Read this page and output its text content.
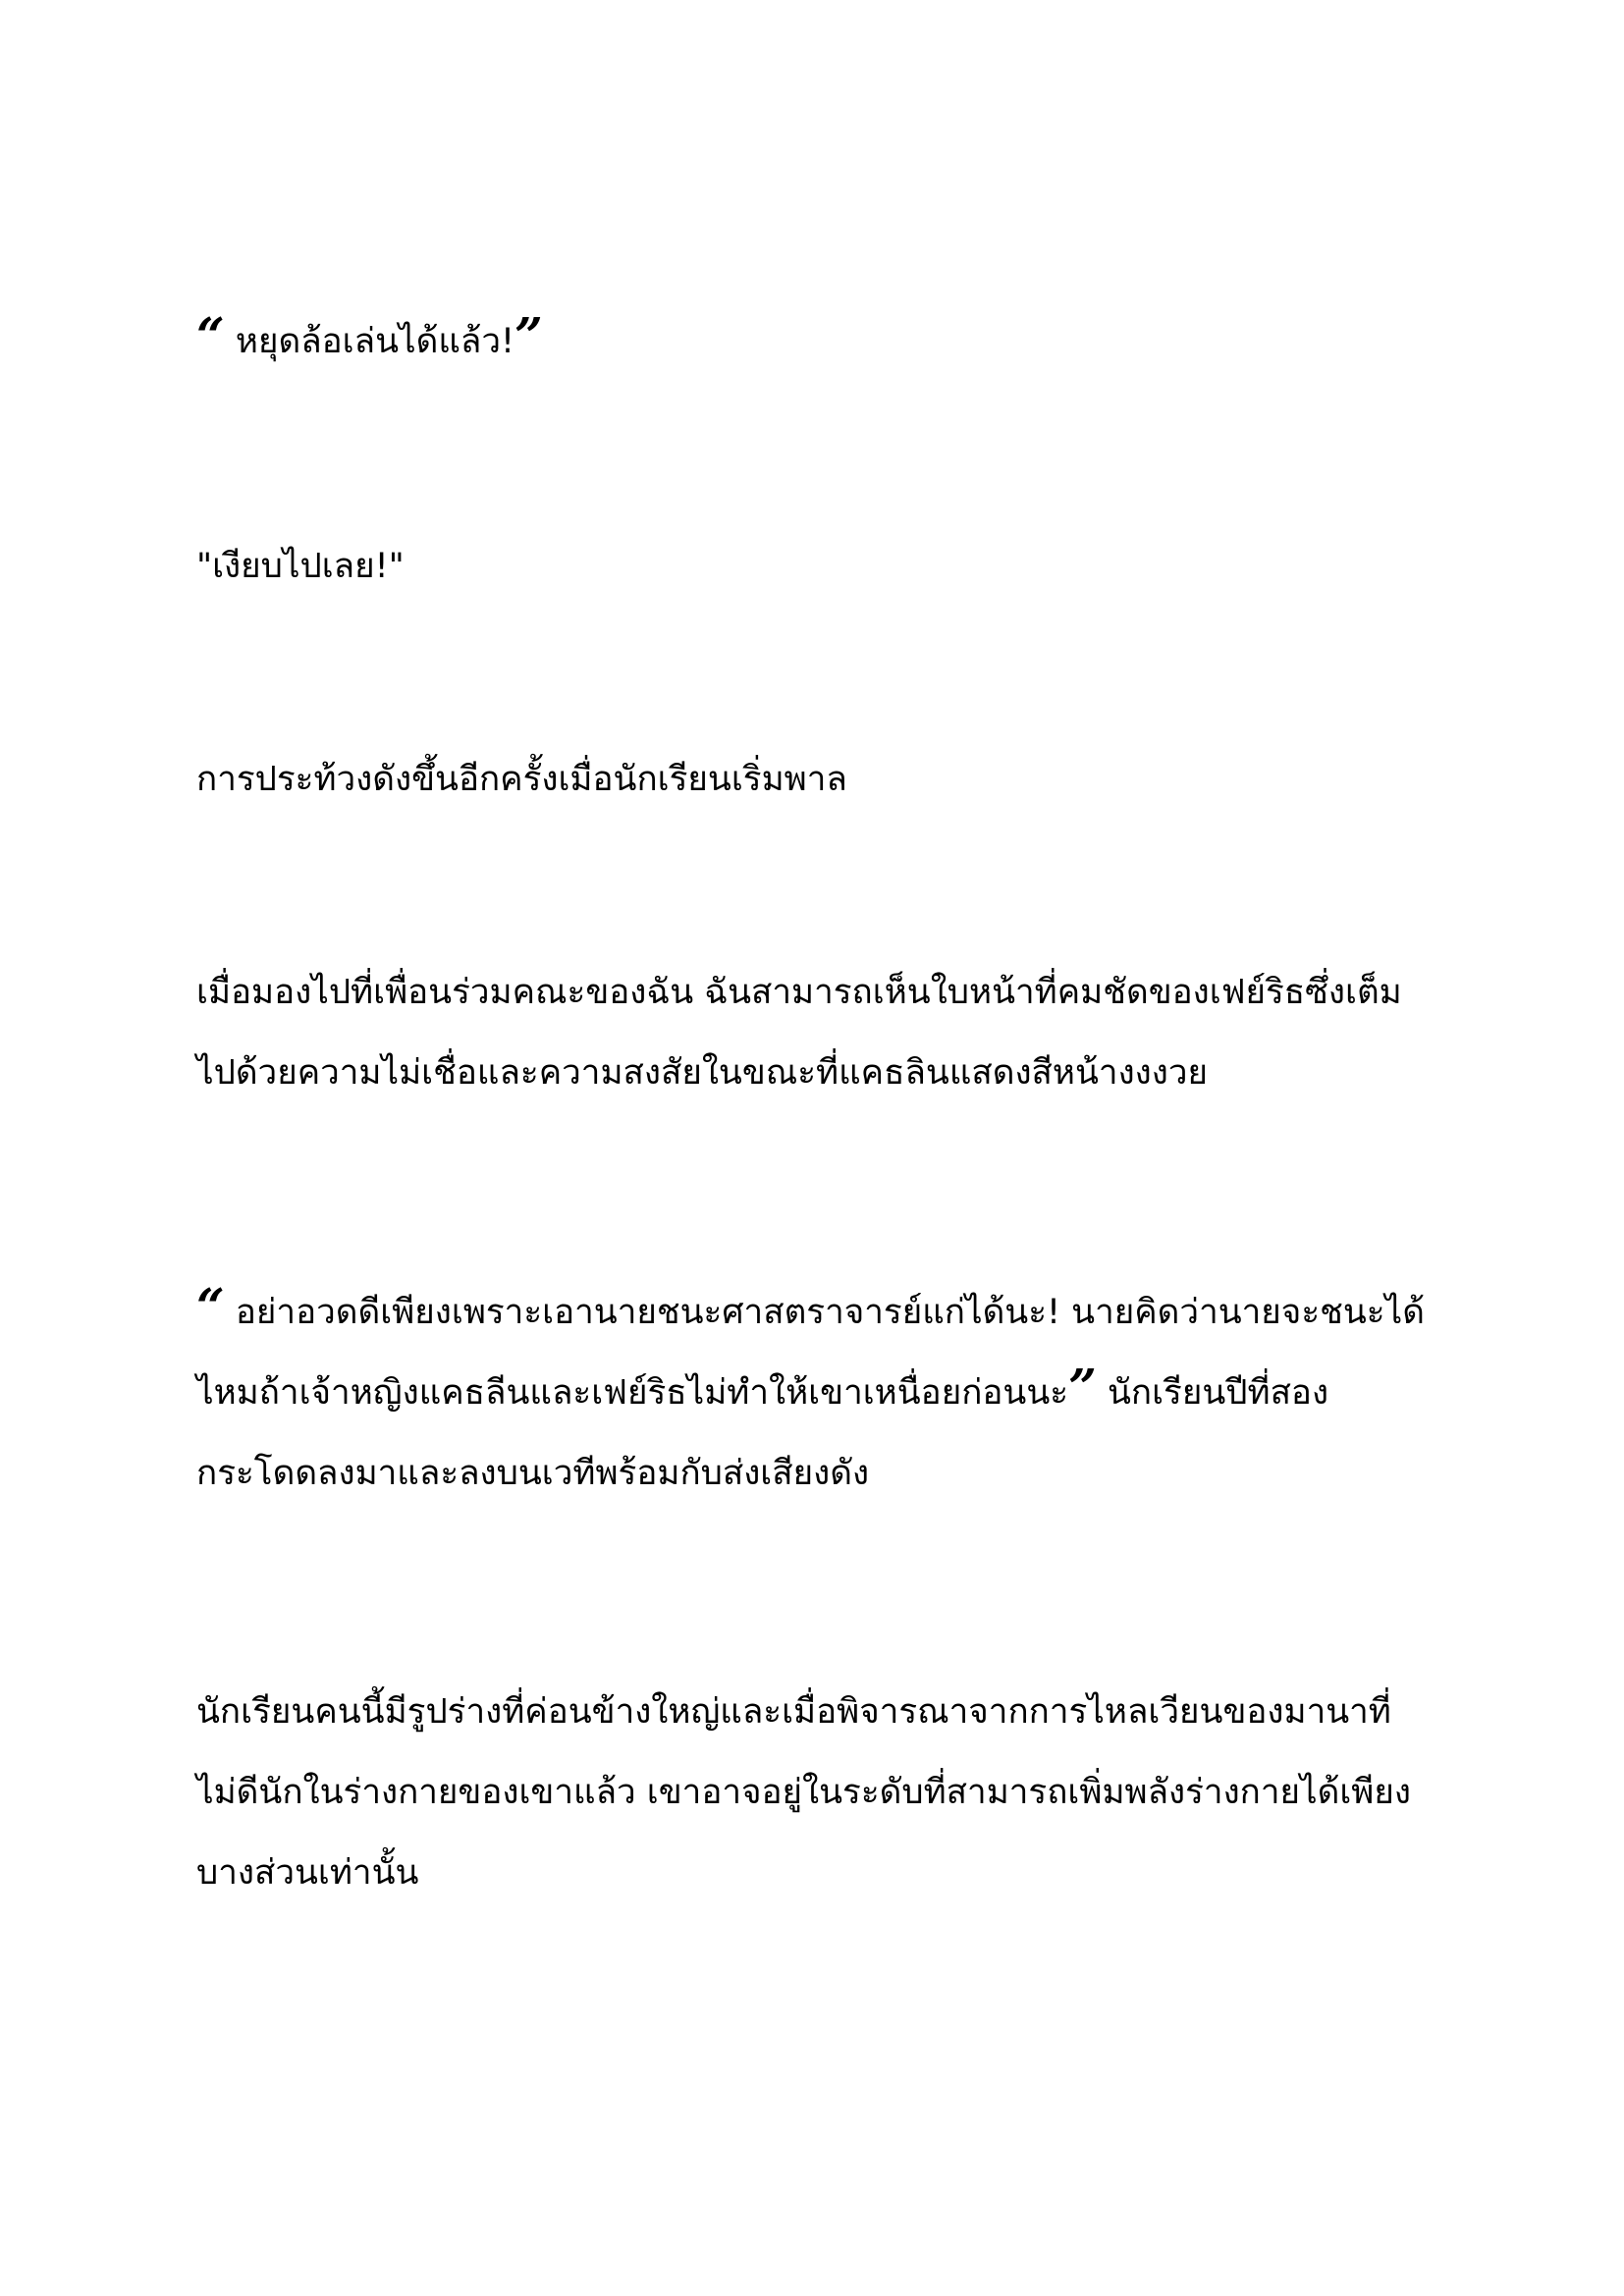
“ หยุดล้อเล่นได้แล้ว!”

"เงียบไปเลย!"

การประท้วงดังขึ้นอีกครั้งเมื่อนักเรียนเริ่มพาล

เมื่อมองไปที่เพื่อนร่วมคณะของฉัน ฉันสามารถเห็นใบหน้าที่คมชัดของเฟย์ริธซึ่งเต็ม
ไปด้วยความไม่เชื่อและความสงสัยในขณะที่แคธลินแสดงสีหน้างงงวย

“ อย่าอวดดีเพียงเพราะเอานายชนะศาสตราจารย์แก่ได้นะ! นายคิดว่านายจะชนะได้
ไหมถ้าเจ้าหญิงแคธลีนและเฟย์ริธไม่ทำให้เขาเหนื่อยก่อนนะ” นักเรียนปีที่สอง
กระโดดลงมาและลงบนเวทีพร้อมกับส่งเสียงดัง

นักเรียนคนนี้มีรูปร่างที่ค่อนข้างใหญ่และเมื่อพิจารณาจากการไหลเวียนของมานาที่
ไม่ดีนักในร่างกายของเขาแล้ว เขาอาจอยู่ในระดับที่สามารถเพิ่มพลังร่างกายได้เพียง
บางส่วนเท่านั้น
